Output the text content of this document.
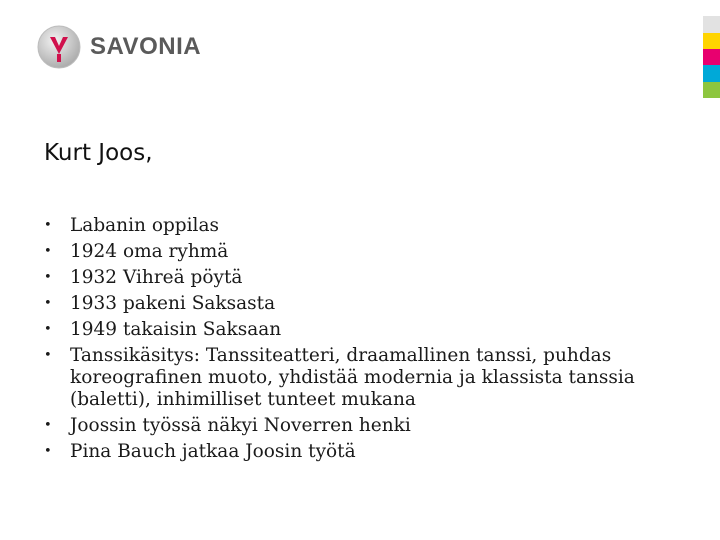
SAVONIA
Kurt Joos,
• Labanin oppilas
• 1924 oma ryhmä
• 1932 Vihreä pöytä
• 1933 pakeni Saksasta
• 1949 takaisin Saksaan
• Tanssikäsitys: Tanssiteatteri, draamallinen tanssi, puhdas koreografinen muoto, yhdistää modernia ja klassista tanssia (baletti), inhimilliset tunteet mukana
• Joossin työssä näkyi Noverren henki
• Pina Bauch jatkaa Joosin työtä
